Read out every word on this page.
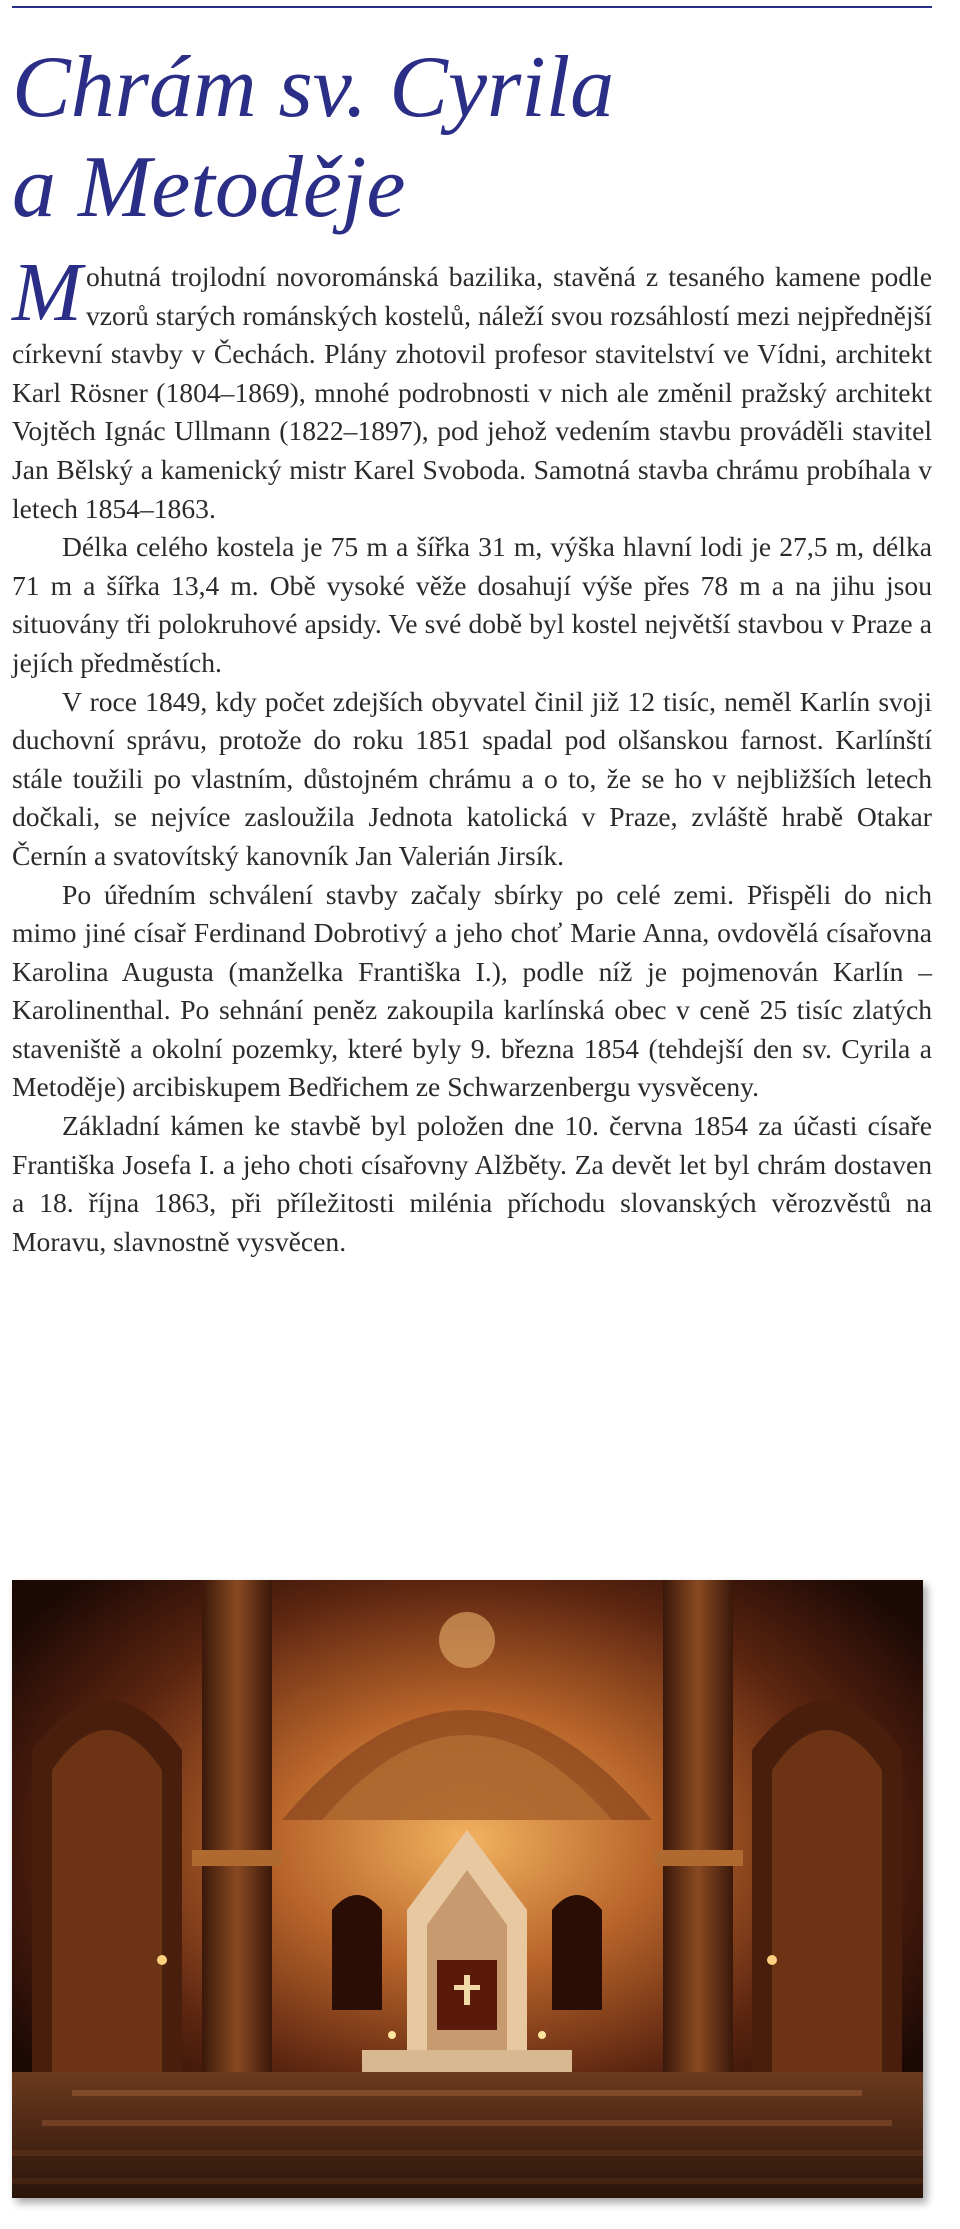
Chrám sv. Cyrila
a Metoděje

Mohutná trojlodní novorománská bazilika, stavěná z tesaného kamene podle vzorů starých románských kostelů, náleží svou rozsáhlostí mezi nejpřednější církevní stavby v Čechách. Plány zhotovil profesor stavitelství ve Vídni, architekt Karl Rösner (1804–1869), mnohé podrobnosti v nich ale změnil pražský architekt Vojtěch Ignác Ullmann (1822–1897), pod jehož vedením stavbu prováděli stavitel Jan Bělský a kamenický mistr Karel Svoboda. Samotná stavba chrámu probíhala v letech 1854–1863.

Délka celého kostela je 75 m a šířka 31 m, výška hlavní lodi je 27,5 m, délka 71 m a šířka 13,4 m. Obě vysoké věže dosahují výše přes 78 m a na jihu jsou situovány tři polokruhové apsidy. Ve své době byl kostel největší stavbou v Praze a jejích předměstích.

V roce 1849, kdy počet zdejších obyvatel činil již 12 tisíc, neměl Karlín svoji duchovní správu, protože do roku 1851 spadal pod olšanskou farnost. Karlínští stále toužili po vlastním, důstojném chrámu a o to, že se ho v nejbližších letech dočkali, se nejvíce zasloužila Jednota katolická v Praze, zvláště hrabě Otakar Černín a svatovítský kanovník Jan Valerián Jirsík.

Po úředním schválení stavby začaly sbírky po celé zemi. Přispěli do nich mimo jiné císař Ferdinand Dobrotivý a jeho choť Marie Anna, ovdovělá císařovna Karolina Augusta (manželka Františka I.), podle níž je pojmenován Karlín – Karolinenthal. Po sehnání peněz zakoupila karlínská obec v ceně 25 tisíc zlatých staveniště a okolní pozemky, které byly 9. března 1854 (tehdejší den sv. Cyrila a Metoděje) arcibiskupem Bedřichem ze Schwarzenbergu vysvěceny.

Základní kámen ke stavbě byl položen dne 10. června 1854 za účasti císaře Františka Josefa I. a jeho choti císařovny Alžběty. Za devět let byl chrám dostaven a 18. října 1863, při příležitosti milénia příchodu slovanských věrozvěstů na Moravu, slavnostně vysvěcen.
